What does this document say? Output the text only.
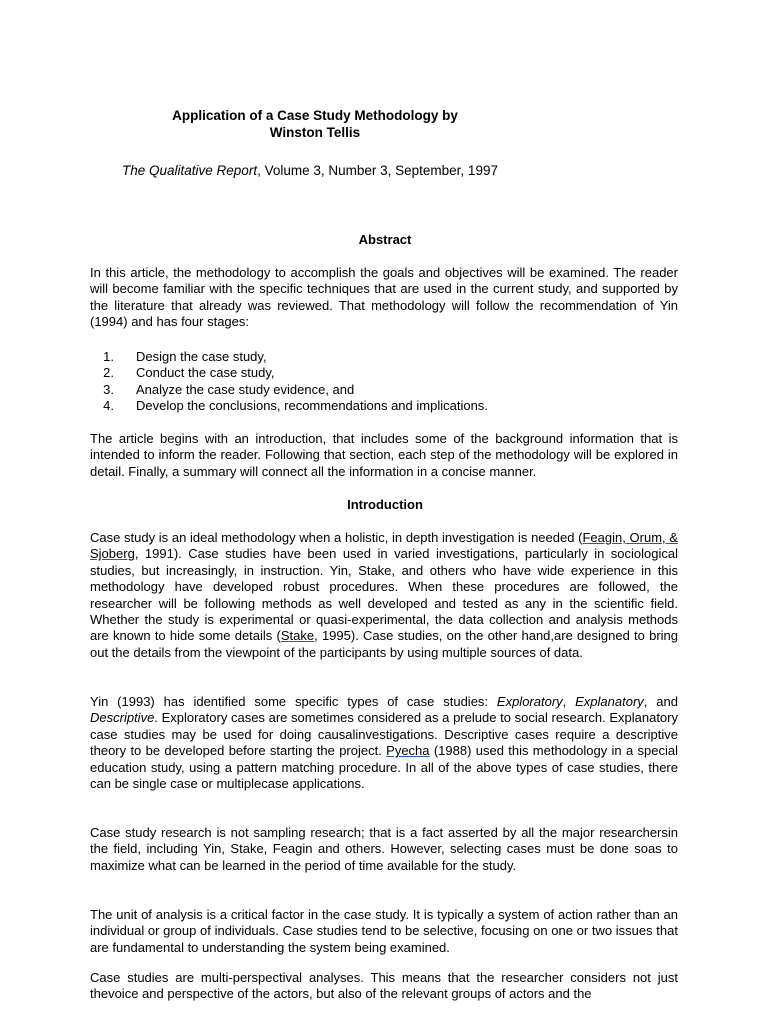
Application of a Case Study Methodology by
Winston Tellis
The Qualitative Report, Volume 3, Number 3, September, 1997
Abstract

In this article, the methodology to accomplish the goals and objectives will be examined. The reader will become familiar with the specific techniques that are used in the current study, and supported by the literature that already was reviewed. That methodology will follow the recommendation of Yin (1994) and has four stages:

1. Design the case study,
2. Conduct the case study,
3. Analyze the case study evidence, and
4. Develop the conclusions, recommendations and implications.

The article begins with an introduction, that includes some of the background information that is intended to inform the reader. Following that section, each step of the methodology will be explored in detail. Finally, a summary will connect all the information in a concise manner.

Introduction

Case study is an ideal methodology when a holistic, in depth investigation is needed (Feagin, Orum, & Sjoberg, 1991). Case studies have been used in varied investigations, particularly in sociological studies, but increasingly, in instruction. Yin, Stake, and others who have wide experience in this methodology have developed robust procedures. When these procedures are followed, the researcher will be following methods as well developed and tested as any in the scientific field. Whether the study is experimental or quasi-experimental, the data collection and analysis methods are known to hide some details (Stake, 1995). Case studies, on the other hand,are designed to bring out the details from the viewpoint of the participants by using multiple sources of data.

Yin (1993) has identified some specific types of case studies: Exploratory, Explanatory, and Descriptive. Exploratory cases are sometimes considered as a prelude to social research. Explanatory case studies may be used for doing causalinvestigations. Descriptive cases require a descriptive theory to be developed before starting the project. Pyecha (1988) used this methodology in a special education study, using a pattern matching procedure. In all of the above types of case studies, there can be single case or multiplecase applications.

Case study research is not sampling research; that is a fact asserted by all the major researchersin the field, including Yin, Stake, Feagin and others. However, selecting cases must be done soas to maximize what can be learned in the period of time available for the study.

The unit of analysis is a critical factor in the case study. It is typically a system of action rather than an individual or group of individuals. Case studies tend to be selective, focusing on one or two issues that are fundamental to understanding the system being examined.

Case studies are multi-perspectival analyses. This means that the researcher considers not just thevoice and perspective of the actors, but also of the relevant groups of actors and the
